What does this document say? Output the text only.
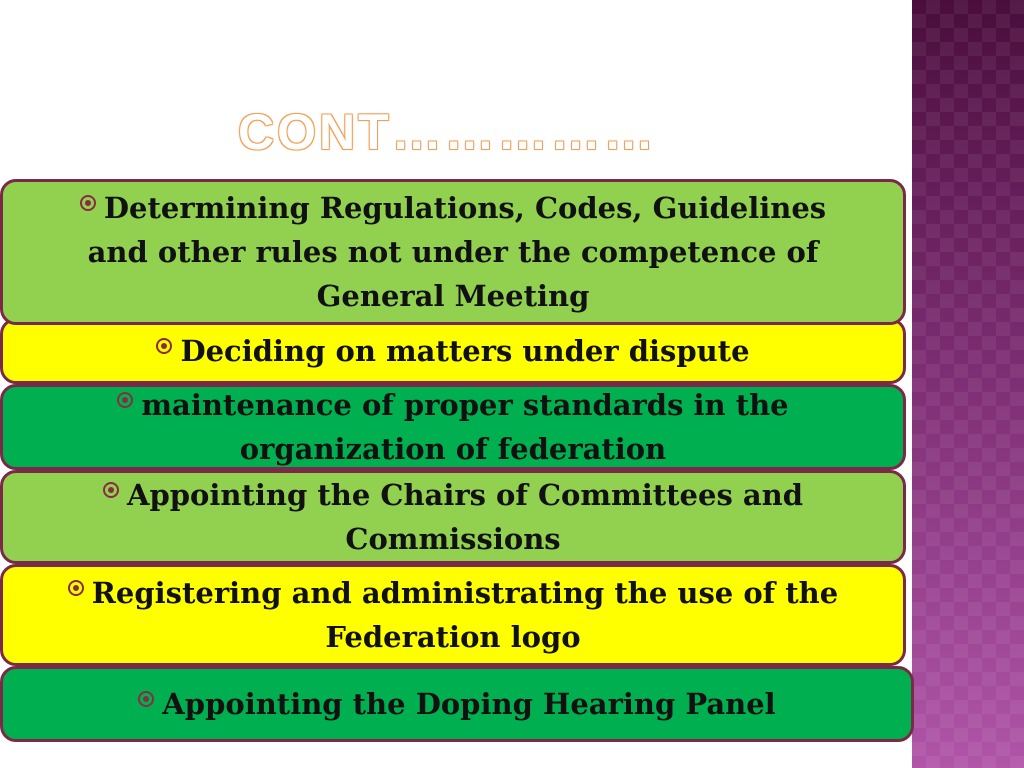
CONT……………
Determining Regulations, Codes, Guidelines and other rules not under the competence of General Meeting
Deciding on matters under dispute
maintenance of proper standards in the organization of federation
Appointing the Chairs of Committees and Commissions
Registering and administrating the use of the Federation logo
Appointing the Doping Hearing Panel
